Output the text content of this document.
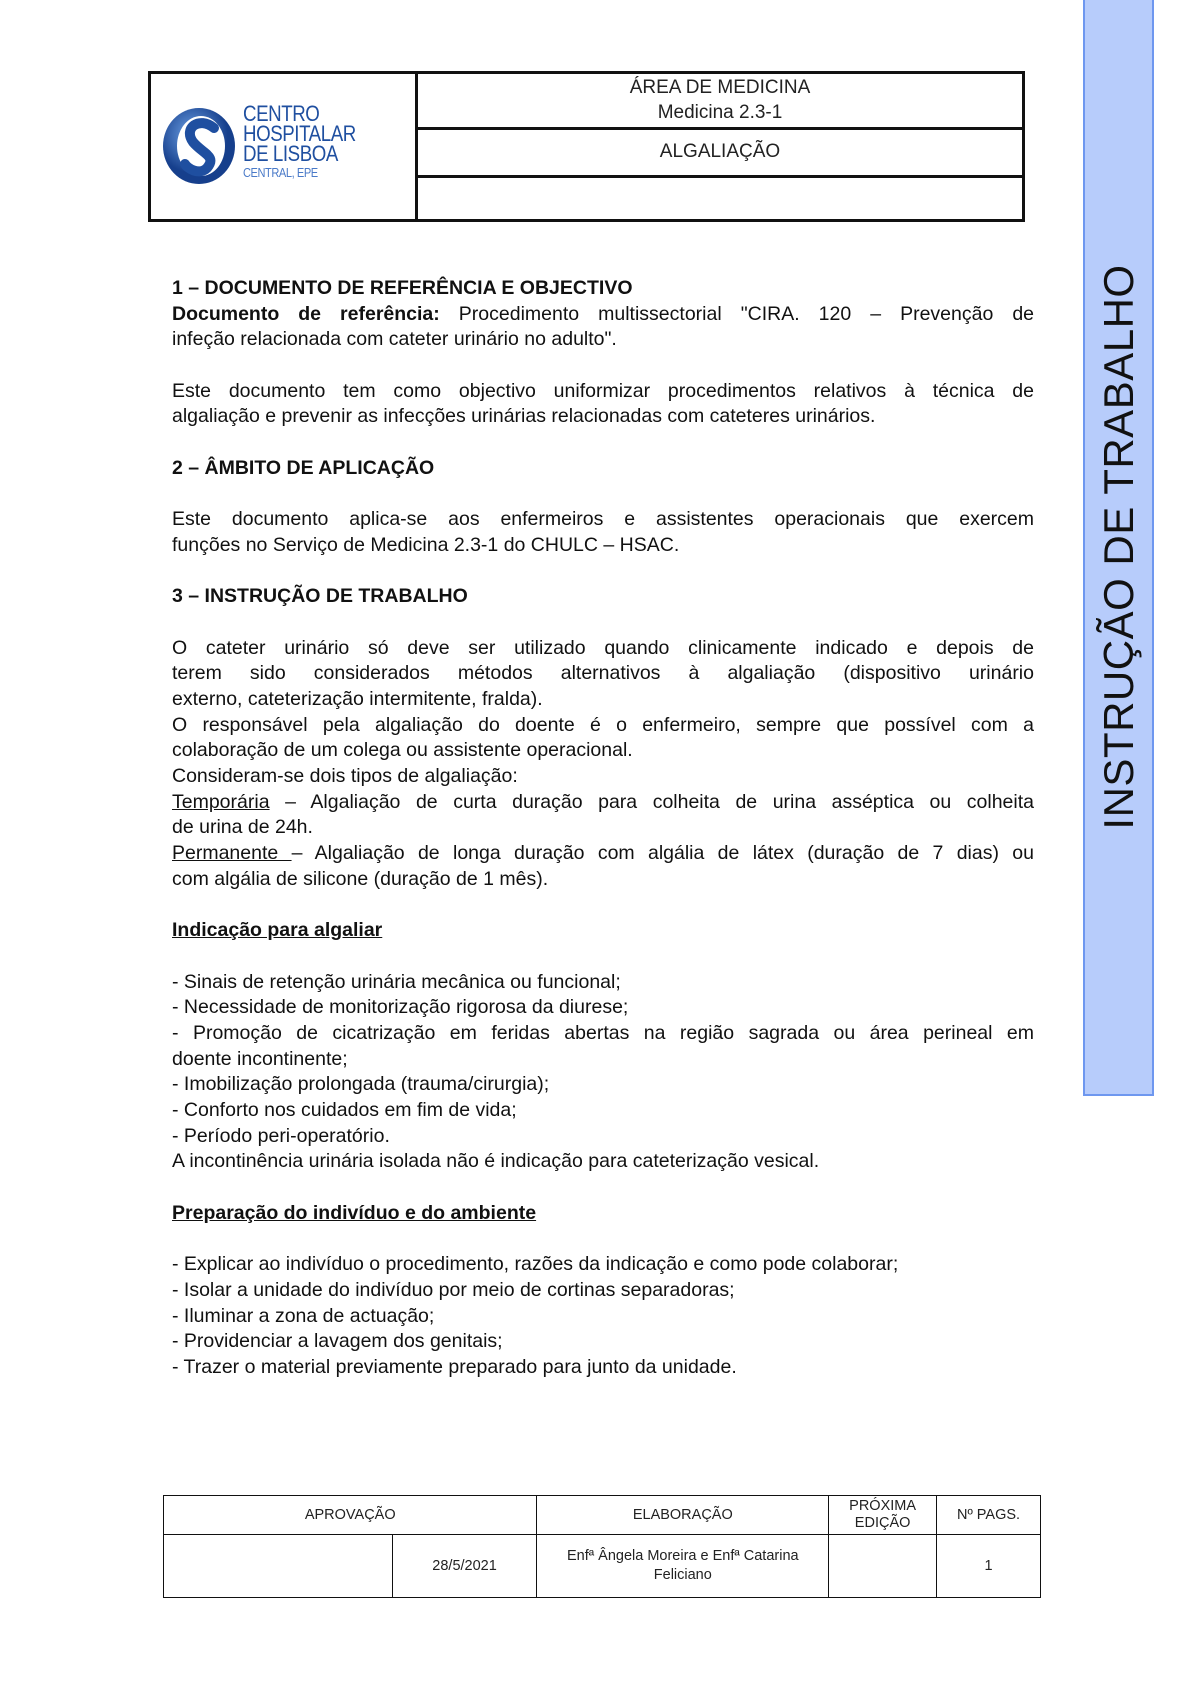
INSTRUÇÃO DE TRABALHO
CENTRO
HOSPITALAR
DE LISBOA
CENTRAL, EPE
ÁREA DE MEDICINA
Medicina 2.3-1
ALGALIAÇÃO
1 – DOCUMENTO DE REFERÊNCIA E OBJECTIVO
Documento de referência: Procedimento multissectorial "CIRA. 120 – Prevenção de
infeção relacionada com cateter urinário no adulto".
Este documento tem como objectivo uniformizar procedimentos relativos à técnica de
algaliação e prevenir as infecções urinárias relacionadas com cateteres urinários.
2 – ÂMBITO DE APLICAÇÃO
Este documento aplica-se aos enfermeiros e assistentes operacionais que exercem
funções no Serviço de Medicina 2.3-1 do CHULC – HSAC.
3 – INSTRUÇÃO DE TRABALHO
O cateter urinário só deve ser utilizado quando clinicamente indicado e depois de
terem sido considerados métodos alternativos à algaliação (dispositivo urinário
externo, cateterização intermitente, fralda).
O responsável pela algaliação do doente é o enfermeiro, sempre que possível com a
colaboração de um colega ou assistente operacional.
Consideram-se dois tipos de algaliação:
Temporária – Algaliação de curta duração para colheita de urina asséptica ou colheita
de urina de 24h.
Permanente – Algaliação de longa duração com algália de látex (duração de 7 dias) ou
com algália de silicone (duração de 1 mês).
Indicação para algaliar
- Sinais de retenção urinária mecânica ou funcional;
- Necessidade de monitorização rigorosa da diurese;
- Promoção de cicatrização em feridas abertas na região sagrada ou área perineal em
doente incontinente;
- Imobilização prolongada (trauma/cirurgia);
- Conforto nos cuidados em fim de vida;
- Período peri-operatório.
A incontinência urinária isolada não é indicação para cateterização vesical.
Preparação do indivíduo e do ambiente
- Explicar ao indivíduo o procedimento, razões da indicação e como pode colaborar;
- Isolar a unidade do indivíduo por meio de cortinas separadoras;
- Iluminar a zona de actuação;
- Providenciar a lavagem dos genitais;
- Trazer o material previamente preparado para junto da unidade.
APROVAÇÃO		ELABORAÇÃO	PRÓXIMA EDIÇÃO	Nº PAGS.
	28/5/2021	Enfª Ângela Moreira e Enfª Catarina Feliciano		1
